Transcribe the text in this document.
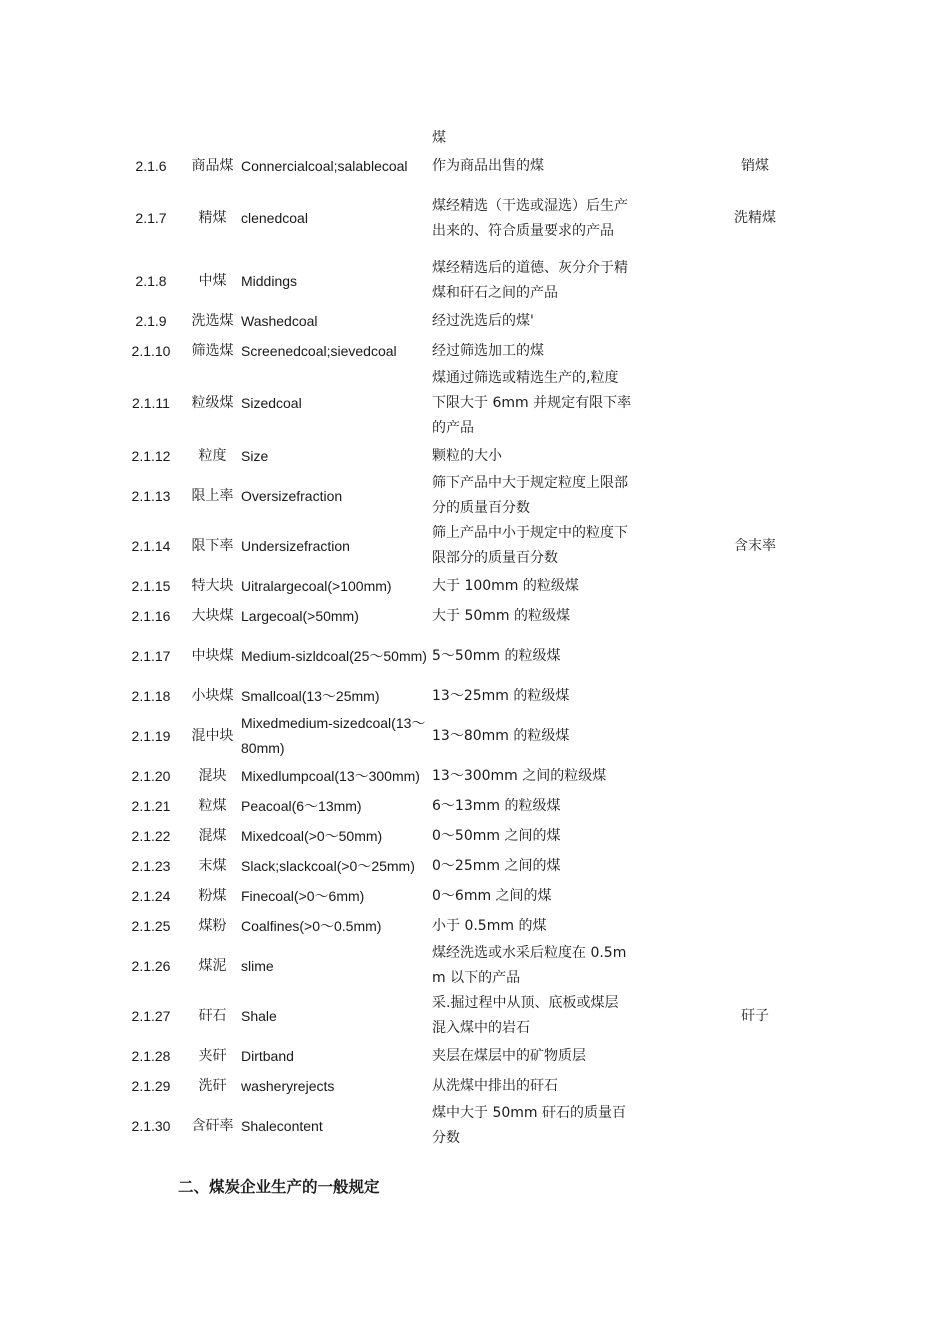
煤
2.1.6	商品煤	Connercialcoal;salablecoal	作为商品出售的煤	销煤
2.1.7	精煤	clenedcoal	煤经精选（干选或湿选）后生产出来的、符合质量要求的产品	洗精煤
2.1.8	中煤	Middings	煤经精选后的道德、灰分介于精煤和矸石之间的产品	
2.1.9	洗选煤	Washedcoal	经过洗选后的煤'	
2.1.10	筛选煤	Screenedcoal;sievedcoal	经过筛选加工的煤	
2.1.11	粒级煤	Sizedcoal	煤通过筛选或精选生产的,粒度下限大于 6mm 并规定有限下率的产品	
2.1.12	粒度	Size	颗粒的大小	
2.1.13	限上率	Oversizefraction	筛下产品中大于规定粒度上限部分的质量百分数	
2.1.14	限下率	Undersizefraction	筛上产品中小于规定中的粒度下限部分的质量百分数	含末率
2.1.15	特大块	Uitralargecoal(>100mm)	大于 100mm 的粒级煤	
2.1.16	大块煤	Largecoal(>50mm)	大于 50mm 的粒级煤	
2.1.17	中块煤	Medium-sizldcoal(25～50mm)	5～50mm 的粒级煤	
2.1.18	小块煤	Smallcoal(13～25mm)	13～25mm 的粒级煤	
2.1.19	混中块	Mixedmedium-sizedcoal(13～80mm)	13～80mm 的粒级煤	
2.1.20	混块	Mixedlumpcoal(13～300mm)	13～300mm 之间的粒级煤	
2.1.21	粒煤	Peacoal(6～13mm)	6～13mm 的粒级煤	
2.1.22	混煤	Mixedcoal(>0～50mm)	0～50mm 之间的煤	
2.1.23	末煤	Slack;slackcoal(>0～25mm)	0～25mm 之间的煤	
2.1.24	粉煤	Finecoal(>0～6mm)	0～6mm 之间的煤	
2.1.25	煤粉	Coalfines(>0～0.5mm)	小于 0.5mm 的煤	
2.1.26	煤泥	slime	煤经洗选或水采后粒度在 0.5mm 以下的产品	
2.1.27	矸石	Shale	采.掘过程中从顶、底板或煤层混入煤中的岩石	矸子
2.1.28	夹矸	Dirtband	夹层在煤层中的矿物质层	
2.1.29	洗矸	washeryrejects	从洗煤中排出的矸石	
2.1.30	含矸率	Shalecontent	煤中大于 50mm 矸石的质量百分数	
二、煤炭企业生产的一般规定
